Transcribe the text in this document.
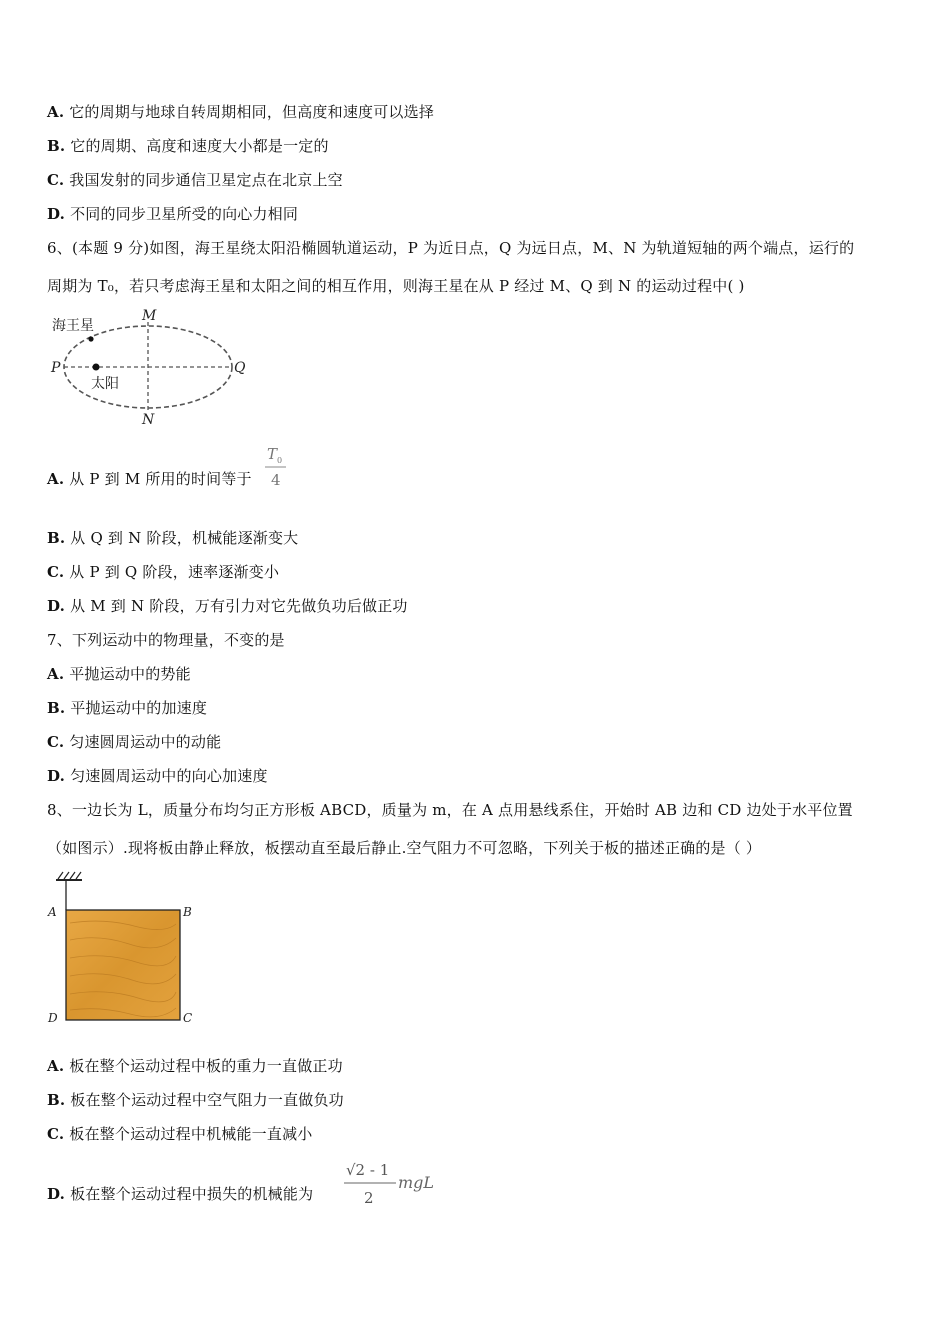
A. 它的周期与地球自转周期相同，但高度和速度可以选择
B. 它的周期、高度和速度大小都是一定的
C. 我国发射的同步通信卫星定点在北京上空
D. 不同的同步卫星所受的向心力相同
6、(本题 9 分)如图，海王星绕太阳沿椭圆轨道运动，P 为近日点，Q 为远日点，M、N 为轨道短轴的两个端点，运行的
周期为 T₀，若只考虑海王星和太阳之间的相互作用，则海王星在从 P 经过 M、Q 到 N 的运动过程中( )
海王星
太阳
M
N
P	Q
A. 从 P 到 M 所用的时间等于
T 0
4
B. 从 Q 到 N 阶段，机械能逐渐变大
C. 从 P 到 Q 阶段，速率逐渐变小
D. 从 M 到 N 阶段，万有引力对它先做负功后做正功
7、下列运动中的物理量，不变的是
A. 平抛运动中的势能
B. 平抛运动中的加速度
C. 匀速圆周运动中的动能
D. 匀速圆周运动中的向心加速度
8、一边长为 L，质量分布均匀正方形板 ABCD，质量为 m，在 A 点用悬线系住，开始时 AB 边和 CD 边处于水平位置
（如图示）.现将板由静止释放，板摆动直至最后静止.空气阻力不可忽略，下列关于板的描述正确的是（ ）
A	B
D	C
A. 板在整个运动过程中板的重力一直做正功
B. 板在整个运动过程中空气阻力一直做负功
C. 板在整个运动过程中机械能一直减小
D. 板在整个运动过程中损失的机械能为
√2 - 1
2
mgL
